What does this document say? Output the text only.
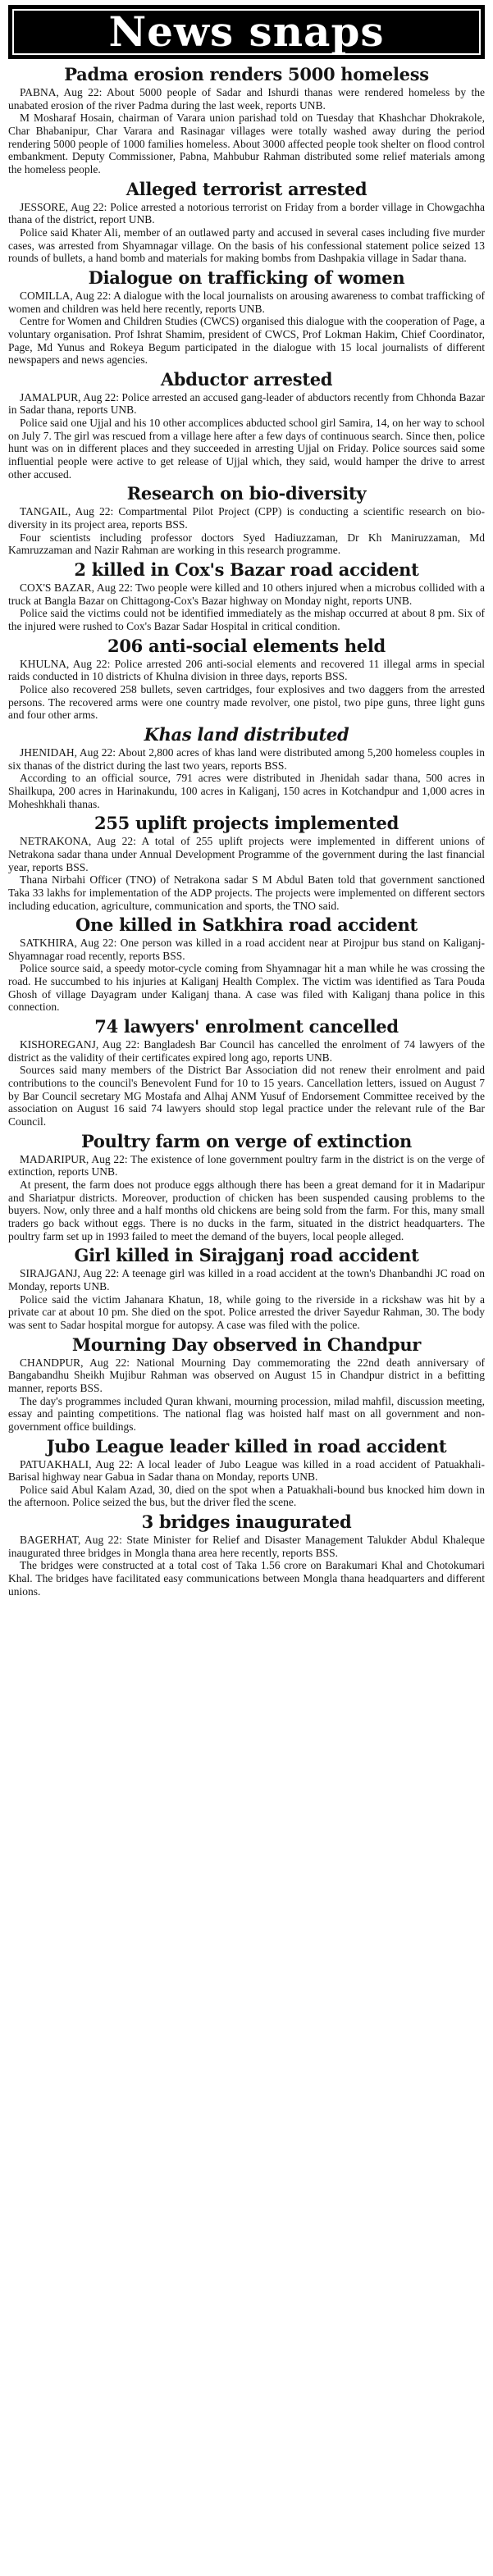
News snaps
Padma erosion renders 5000 homeless

PABNA, Aug 22: About 5000 people of Sadar and Ishurdi thanas were rendered homeless by the unabated erosion of the river Padma during the last week, reports UNB.

M Mosharaf Hosain, chairman of Varara union parishad told on Tuesday that Khashchar Dhokrakole, Char Bhabanipur, Char Varara and Rasinagar villages were totally washed away during the period rendering 5000 people of 1000 families homeless. About 3000 affected people took shelter on flood control embankment. Deputy Commissioner, Pabna, Mahbubur Rahman distributed some relief materials among the homeless people.

Alleged terrorist arrested

JESSORE, Aug 22: Police arrested a notorious terrorist on Friday from a border village in Chowgachha thana of the district, report UNB.

Police said Khater Ali, member of an outlawed party and accused in several cases including five murder cases, was arrested from Shyamnagar village. On the basis of his confessional statement police seized 13 rounds of bullets, a hand bomb and materials for making bombs from Dashpakia village in Sadar thana.

Dialogue on trafficking of women

COMILLA, Aug 22: A dialogue with the local journalists on arousing awareness to combat trafficking of women and children was held here recently, reports UNB.

Centre for Women and Children Studies (CWCS) organised this dialogue with the cooperation of Page, a voluntary organisation. Prof Ishrat Shamim, president of CWCS, Prof Lokman Hakim, Chief Coordinator, Page, Md Yunus and Rokeya Begum participated in the dialogue with 15 local journalists of different newspapers and news agencies.

Abductor arrested

JAMALPUR, Aug 22: Police arrested an accused gang-leader of abductors recently from Chhonda Bazar in Sadar thana, reports UNB.

Police said one Ujjal and his 10 other accomplices abducted school girl Samira, 14, on her way to school on July 7. The girl was rescued from a village here after a few days of continuous search. Since then, police hunt was on in different places and they succeeded in arresting Ujjal on Friday. Police sources said some influential people were active to get release of Ujjal which, they said, would hamper the drive to arrest other accused.

Research on bio-diversity

TANGAIL, Aug 22: Compartmental Pilot Project (CPP) is conducting a scientific research on bio-diversity in its project area, reports BSS.

Four scientists including professor doctors Syed Hadiuzzaman, Dr Kh Maniruzzaman, Md Kamruzzaman and Nazir Rahman are working in this research programme.

2 killed in Cox's Bazar road accident

COX'S BAZAR, Aug 22: Two people were killed and 10 others injured when a microbus collided with a truck at Bangla Bazar on Chittagong-Cox's Bazar highway on Monday night, reports UNB.

Police said the victims could not be identified immediately as the mishap occurred at about 8 pm. Six of the injured were rushed to Cox's Bazar Sadar Hospital in critical condition.

206 anti-social elements held

KHULNA, Aug 22: Police arrested 206 anti-social elements and recovered 11 illegal arms in special raids conducted in 10 districts of Khulna division in three days, reports BSS.

Police also recovered 258 bullets, seven cartridges, four explosives and two daggers from the arrested persons. The recovered arms were one country made revolver, one pistol, two pipe guns, three light guns and four other arms.

Khas land distributed

JHENIDAH, Aug 22: About 2,800 acres of khas land were distributed among 5,200 homeless couples in six thanas of the district during the last two years, reports BSS.

According to an official source, 791 acres were distributed in Jhenidah sadar thana, 500 acres in Shailkupa, 200 acres in Harinakundu, 100 acres in Kaliganj, 150 acres in Kotchandpur and 1,000 acres in Moheshkhali thanas.

255 uplift projects implemented

NETRAKONA, Aug 22: A total of 255 uplift projects were implemented in different unions of Netrakona sadar thana under Annual Development Programme of the government during the last financial year, reports BSS.

Thana Nirbahi Officer (TNO) of Netrakona sadar S M Abdul Baten told that government sanctioned Taka 33 lakhs for implementation of the ADP projects. The projects were implemented on different sectors including education, agriculture, communication and sports, the TNO said.

One killed in Satkhira road accident

SATKHIRA, Aug 22: One person was killed in a road accident near at Pirojpur bus stand on Kaliganj-Shyamnagar road recently, reports BSS.

Police source said, a speedy motor-cycle coming from Shyamnagar hit a man while he was crossing the road. He succumbed to his injuries at Kaliganj Health Complex. The victim was identified as Tara Pouda Ghosh of village Dayagram under Kaliganj thana. A case was filed with Kaliganj thana police in this connection.

74 lawyers' enrolment cancelled

KISHOREGANJ, Aug 22: Bangladesh Bar Council has cancelled the enrolment of 74 lawyers of the district as the validity of their certificates expired long ago, reports UNB.

Sources said many members of the District Bar Association did not renew their enrolment and paid contributions to the council's Benevolent Fund for 10 to 15 years. Cancellation letters, issued on August 7 by Bar Council secretary MG Mostafa and Alhaj ANM Yusuf of Endorsement Committee received by the association on August 16 said 74 lawyers should stop legal practice under the relevant rule of the Bar Council.

Poultry farm on verge of extinction

MADARIPUR, Aug 22: The existence of lone government poultry farm in the district is on the verge of extinction, reports UNB.

At present, the farm does not produce eggs although there has been a great demand for it in Madaripur and Shariatpur districts. Moreover, production of chicken has been suspended causing problems to the buyers. Now, only three and a half months old chickens are being sold from the farm. For this, many small traders go back without eggs. There is no ducks in the farm, situated in the district headquarters. The poultry farm set up in 1993 failed to meet the demand of the buyers, local people alleged.

Girl killed in Sirajganj road accident

SIRAJGANJ, Aug 22: A teenage girl was killed in a road accident at the town's Dhanbandhi JC road on Monday, reports UNB.

Police said the victim Jahanara Khatun, 18, while going to the riverside in a rickshaw was hit by a private car at about 10 pm. She died on the spot. Police arrested the driver Sayedur Rahman, 30. The body was sent to Sadar hospital morgue for autopsy. A case was filed with the police.

Mourning Day observed in Chandpur

CHANDPUR, Aug 22: National Mourning Day commemorating the 22nd death anniversary of Bangabandhu Sheikh Mujibur Rahman was observed on August 15 in Chandpur district in a befitting manner, reports BSS.

The day's programmes included Quran khwani, mourning procession, milad mahfil, discussion meeting, essay and painting competitions. The national flag was hoisted half mast on all government and non-government office buildings.

Jubo League leader killed in road accident

PATUAKHALI, Aug 22: A local leader of Jubo League was killed in a road accident of Patuakhali-Barisal highway near Gabua in Sadar thana on Monday, reports UNB.

Police said Abul Kalam Azad, 30, died on the spot when a Patuakhali-bound bus knocked him down in the afternoon. Police seized the bus, but the driver fled the scene.

3 bridges inaugurated

BAGERHAT, Aug 22: State Minister for Relief and Disaster Management Talukder Abdul Khaleque inaugurated three bridges in Mongla thana area here recently, reports BSS.

The bridges were constructed at a total cost of Taka 1.56 crore on Barakumari Khal and Chotokumari Khal. The bridges have facilitated easy communications between Mongla thana headquarters and different unions.
